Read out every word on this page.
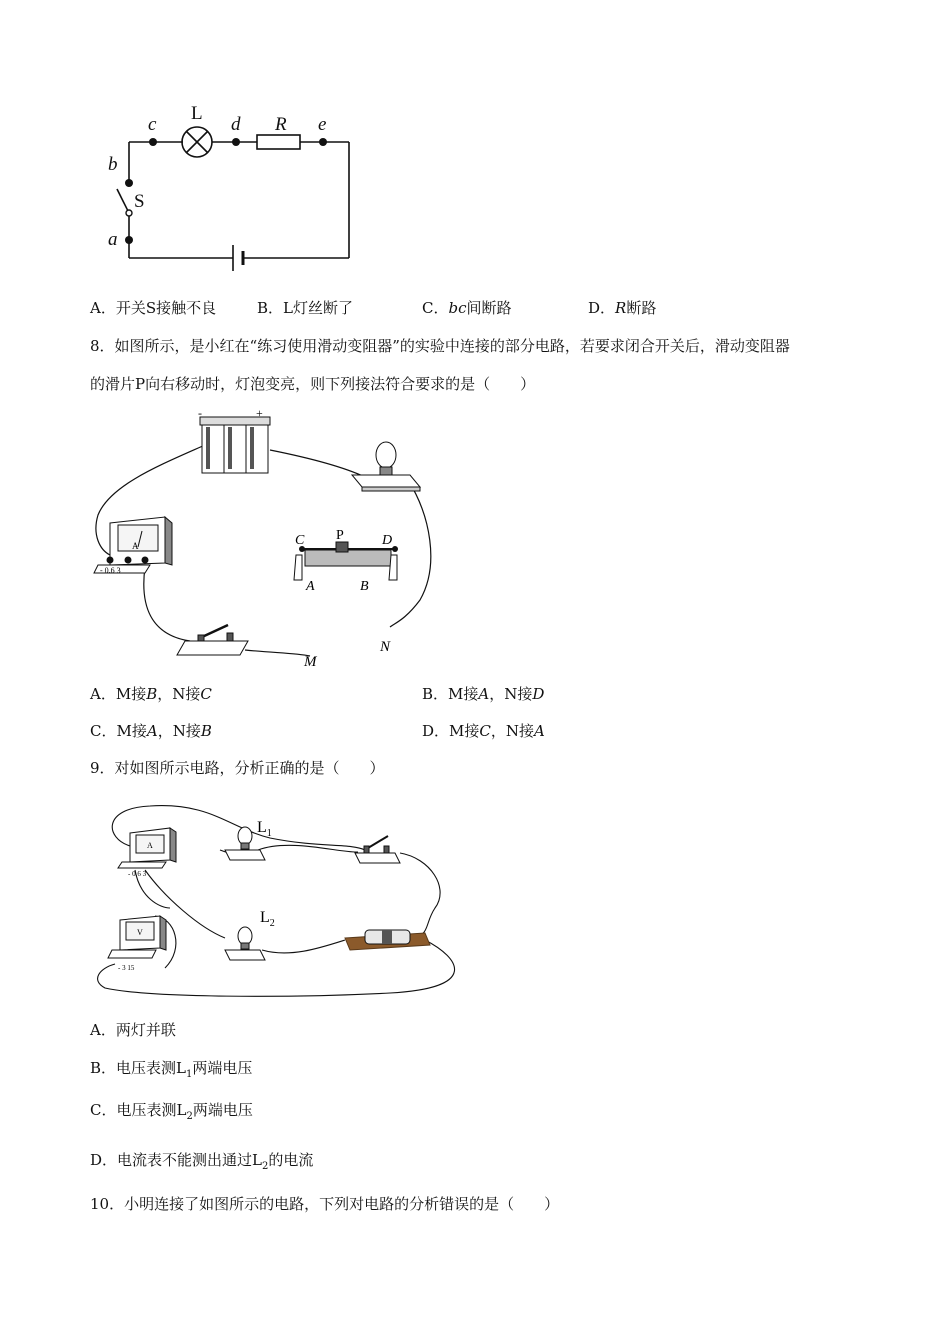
L
c	d R e
b
S
a
A．开关S接触不良	B．L灯丝断了	C．bc间断路	D．R断路
8．如图所示，是小红在“练习使用滑动变阻器”的实验中连接的部分电路，若要求闭合开关后，滑动变阻器
的滑片P向右移动时，灯泡变亮，则下列接法符合要求的是（　　）
-	+
A
- 0.6 3
C P	D
A	B
M
N
A．M接B，N接C	B．M接A，N接D
C．M接A，N接B	D．M接C，N接A
9．对如图所示电路，分析正确的是（　　）
A
- 0.6 3
V
- 3 15
$L_1$
$L_2$
A．两灯并联
B．电压表测$L_1$两端电压
C．电压表测$L_2$两端电压
D．电流表不能测出通过$L_2$的电流
10．小明连接了如图所示的电路，下列对电路的分析错误的是（　　）
